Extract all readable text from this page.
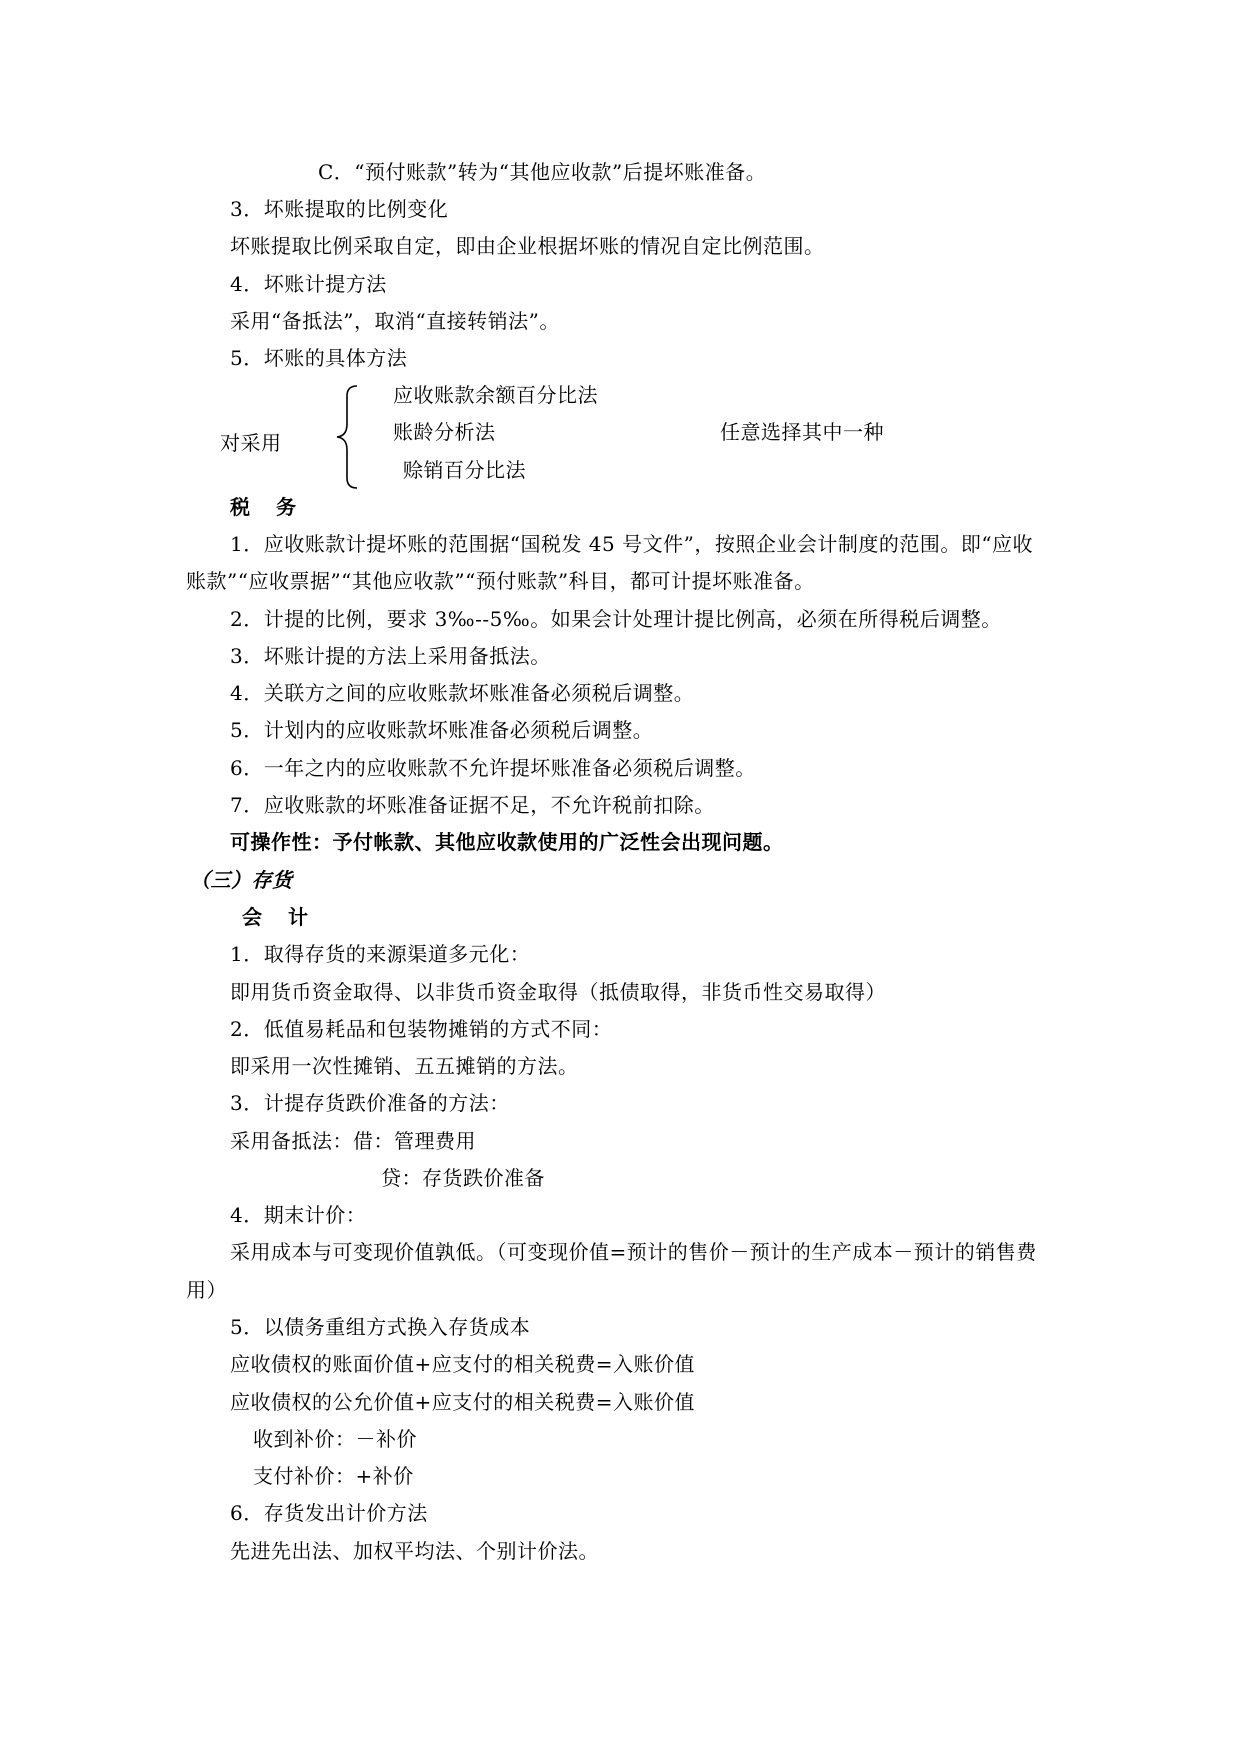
C．“预付账款”转为“其他应收款”后提坏账准备。
3．坏账提取的比例变化
坏账提取比例采取自定，即由企业根据坏账的情况自定比例范围。
4．坏账计提方法
采用“备抵法”，取消“直接转销法”。
5．坏账的具体方法
对采用
应收账款余额百分比法
账龄分析法
赊销百分比法
任意选择其中一种
税务
1．应收账款计提坏账的范围据“国税发 45 号文件”，按照企业会计制度的范围。即“应收
账款”“应收票据”“其他应收款”“预付账款”科目，都可计提坏账准备。
2．计提的比例，要求 3‰--5‰。如果会计处理计提比例高，必须在所得税后调整。
3．坏账计提的方法上采用备抵法。
4．关联方之间的应收账款坏账准备必须税后调整。
5．计划内的应收账款坏账准备必须税后调整。
6．一年之内的应收账款不允许提坏账准备必须税后调整。
7．应收账款的坏账准备证据不足，不允许税前扣除。
可操作性：予付帐款、其他应收款使用的广泛性会出现问题。
（三）存货
会计
1．取得存货的来源渠道多元化：
即用货币资金取得、以非货币资金取得（抵债取得，非货币性交易取得）
2．低值易耗品和包装物摊销的方式不同：
即采用一次性摊销、五五摊销的方法。
3．计提存货跌价准备的方法：
采用备抵法：借：管理费用
贷：存货跌价准备
4．期末计价：
采用成本与可变现价值孰低。（可变现价值=预计的售价－预计的生产成本－预计的销售费
用）
5．以债务重组方式换入存货成本
应收债权的账面价值+应支付的相关税费=入账价值
应收债权的公允价值+应支付的相关税费=入账价值
收到补价：－补价
支付补价：+补价
6．存货发出计价方法
先进先出法、加权平均法、个别计价法。
